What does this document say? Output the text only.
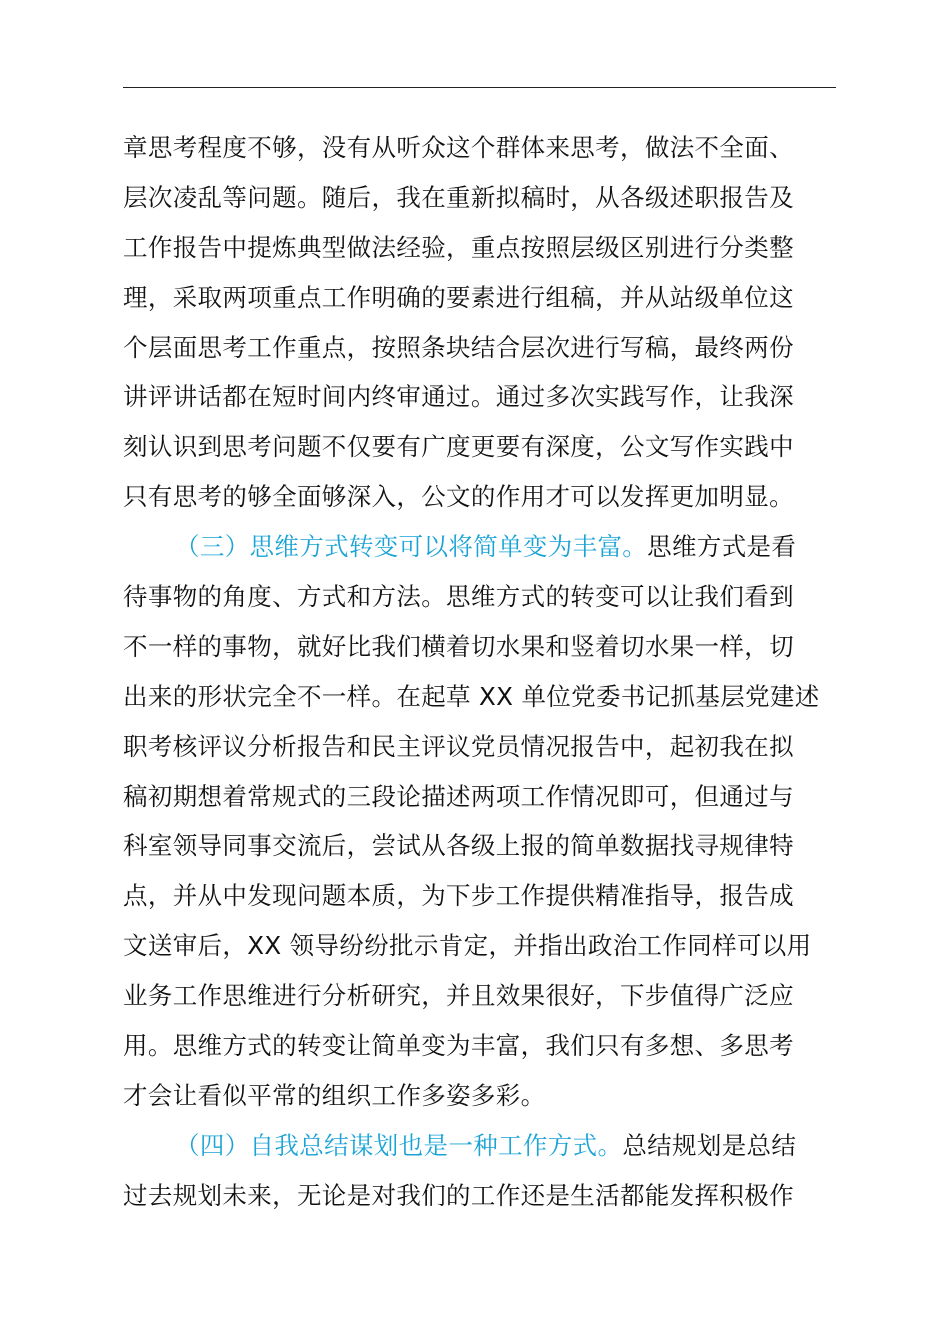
章思考程度不够，没有从听众这个群体来思考，做法不全面、
层次凌乱等问题。随后，我在重新拟稿时，从各级述职报告及
工作报告中提炼典型做法经验，重点按照层级区别进行分类整
理，采取两项重点工作明确的要素进行组稿，并从站级单位这
个层面思考工作重点，按照条块结合层次进行写稿，最终两份
讲评讲话都在短时间内终审通过。通过多次实践写作，让我深
刻认识到思考问题不仅要有广度更要有深度，公文写作实践中
只有思考的够全面够深入，公文的作用才可以发挥更加明显。
（三）思维方式转变可以将简单变为丰富。思维方式是看
待事物的角度、方式和方法。思维方式的转变可以让我们看到
不一样的事物，就好比我们横着切水果和竖着切水果一样，切
出来的形状完全不一样。在起草 XX 单位党委书记抓基层党建述
职考核评议分析报告和民主评议党员情况报告中，起初我在拟
稿初期想着常规式的三段论描述两项工作情况即可，但通过与
科室领导同事交流后，尝试从各级上报的简单数据找寻规律特
点，并从中发现问题本质，为下步工作提供精准指导，报告成
文送审后，XX 领导纷纷批示肯定，并指出政治工作同样可以用
业务工作思维进行分析研究，并且效果很好，下步值得广泛应
用。思维方式的转变让简单变为丰富，我们只有多想、多思考
才会让看似平常的组织工作多姿多彩。
（四）自我总结谋划也是一种工作方式。总结规划是总结
过去规划未来，无论是对我们的工作还是生活都能发挥积极作
